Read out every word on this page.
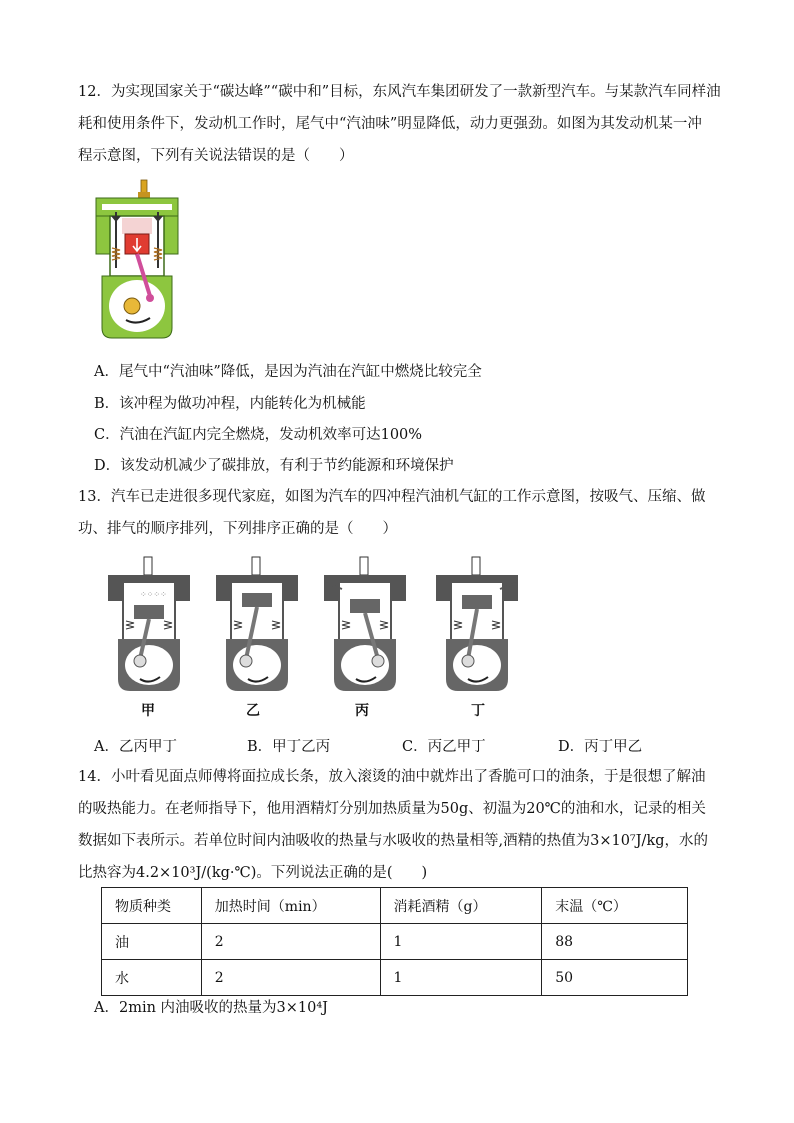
12．为实现国家关于“碳达峰”“碳中和”目标，东风汽车集团研发了一款新型汽车。与某款汽车同样油
耗和使用条件下，发动机工作时，尾气中“汽油味”明显降低，动力更强劲。如图为其发动机某一冲
程示意图，下列有关说法错误的是（　　）
A．尾气中“汽油味”降低，是因为汽油在汽缸中燃烧比较完全
B．该冲程为做功冲程，内能转化为机械能
C．汽油在汽缸内完全燃烧，发动机效率可达100%
D．该发动机减少了碳排放，有利于节约能源和环境保护
13．汽车已走进很多现代家庭，如图为汽车的四冲程汽油机气缸的工作示意图，按吸气、压缩、做
功、排气的顺序排列，下列排序正确的是（　　）
⁘⁘⁘⁘
甲	乙	丙	丁
A．乙丙甲丁	B．甲丁乙丙	C．丙乙甲丁	D．丙丁甲乙
14．小叶看见面点师傅将面拉成长条，放入滚烫的油中就炸出了香脆可口的油条，于是很想了解油
的吸热能力。在老师指导下，他用酒精灯分别加热质量为50g、初温为20℃的油和水，记录的相关
数据如下表所示。若单位时间内油吸收的热量与水吸收的热量相等,酒精的热值为3×10⁷J/kg，水的
比热容为4.2×10³J/(kg·℃)。下列说法正确的是(　　)
物质种类	加热时间（min）	消耗酒精（g）	末温（℃）
油	2	1	88
水	2	1	50
A．2min 内油吸收的热量为3×10⁴J
